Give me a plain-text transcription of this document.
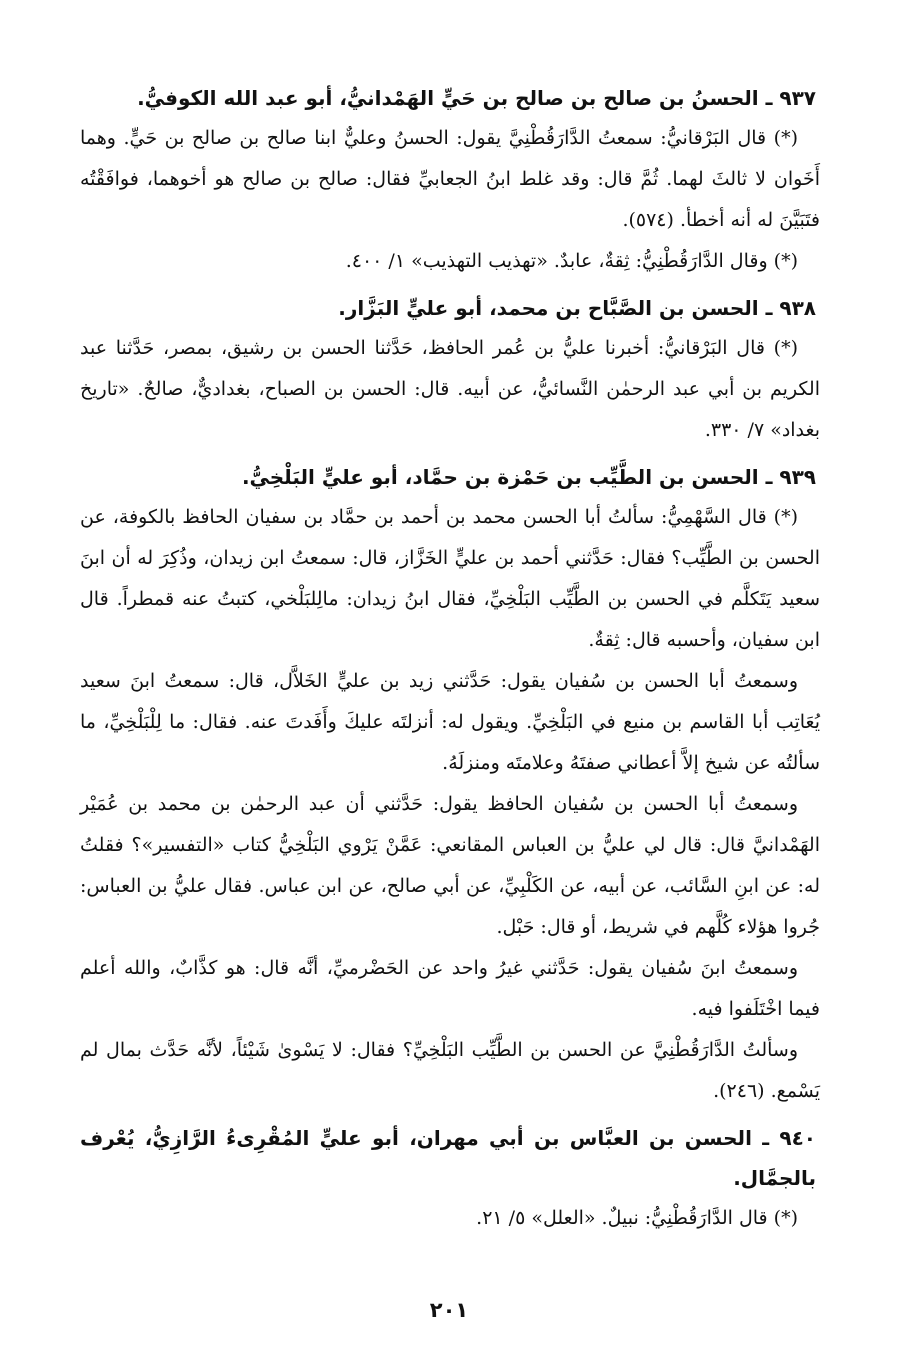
٩٣٧ ـ الحسنُ بن صالح بن صالح بن حَيٍّ الهَمْدانيُّ، أبو عبد الله الكوفيُّ.

(*) قال البَرْقانيُّ: سمعتُ الدَّارَقُطْنِيَّ يقول: الحسنُ وعليٌّ ابنا صالح بن صالح بن حَيٍّ. وهما أَخَوان لا ثالثَ لهما. ثُمَّ قال: وقد غلط ابنُ الجعابيِّ فقال: صالح بن صالح هو أخوهما، فوافَقْتُه فتَبَيَّنَ له أنه أخطأ. (٥٧٤).

(*) وقال الدَّارَقُطْنِيُّ: ثِقةٌ، عابدٌ. «تهذيب التهذيب» ١/ ٤٠٠.

٩٣٨ ـ الحسن بن الصَّبَّاح بن محمد، أبو عليٍّ البَزَّار.

(*) قال البَرْقانيُّ: أخبرنا عليُّ بن عُمر الحافظ، حَدَّثنا الحسن بن رشيق، بمصر، حَدَّثنا عبد الكريم بن أبي عبد الرحمٰن النَّسائيُّ، عن أبيه. قال: الحسن بن الصباح، بغداديٌّ، صالحٌ. «تاريخ بغداد» ٧/ ٣٣٠.

٩٣٩ ـ الحسن بن الطَّيِّب بن حَمْزة بن حمَّاد، أبو عليٍّ البَلْخِيُّ.

(*) قال السَّهْمِيُّ: سألتُ أبا الحسن محمد بن أحمد بن حمَّاد بن سفيان الحافظ بالكوفة، عن الحسن بن الطَّيِّب؟ فقال: حَدَّثني أحمد بن عليٍّ الخَزَّاز، قال: سمعتُ ابن زيدان، وذُكِرَ له أن ابنَ سعيد يَتَكلَّم في الحسن بن الطَّيِّب البَلْخِيِّ، فقال ابنُ زيدان: مالِلبَلْخي، كتبتُ عنه قمطراً. قال ابن سفيان، وأحسبه قال: ثِقةٌ.

وسمعتُ أبا الحسن بن سُفيان يقول: حَدَّثني زيد بن عليٍّ الخَلاَّل، قال: سمعتُ ابنَ سعيد يُعَاتِب أبا القاسم بن منيع في البَلْخِيِّ. ويقول له: أنزلتَه عليكَ وأَفَدتَ عنه. فقال: ما لِلْبَلْخِيِّ، ما سألتُه عن شيخ إلاَّ أعطاني صفتَهُ وعلامتَه ومنزلَهُ.

وسمعتُ أبا الحسن بن سُفيان الحافظ يقول: حَدَّثني أن عبد الرحمٰن بن محمد بن عُمَيْر الهَمْدانيَّ قال: قال لي عليُّ بن العباس المقانعي: عَمَّنْ يَرْوي البَلْخِيُّ كتاب «التفسير»؟ فقلتُ له: عن ابنِ السَّائب، عن أبيه، عن الكَلْبِيِّ، عن أبي صالح، عن ابن عباس. فقال عليُّ بن العباس: جُروا هؤلاء كُلَّهم في شريط، أو قال: حَبْل.

وسمعتُ ابنَ سُفيان يقول: حَدَّثني غيرُ واحد عن الحَضْرميِّ، أنَّه قال: هو كذَّابٌ، والله أعلم فيما اخْتَلَفوا فيه.

وسألتُ الدَّارَقُطْنِيَّ عن الحسن بن الطَّيِّب البَلْخِيِّ؟ فقال: لا يَسْوىٰ شَيْئاً، لأنَّه حَدَّث بمال لم يَسْمع. (٢٤٦).

٩٤٠ ـ الحسن بن العبَّاس بن أبي مهران، أبو عليٍّ المُقْرِىءُ الرَّازِيُّ، يُعْرف بالجمَّال.

(*) قال الدَّارَقُطْنِيُّ: نبيلٌ. «العلل» ٥/ ٢١.

٢٠١
